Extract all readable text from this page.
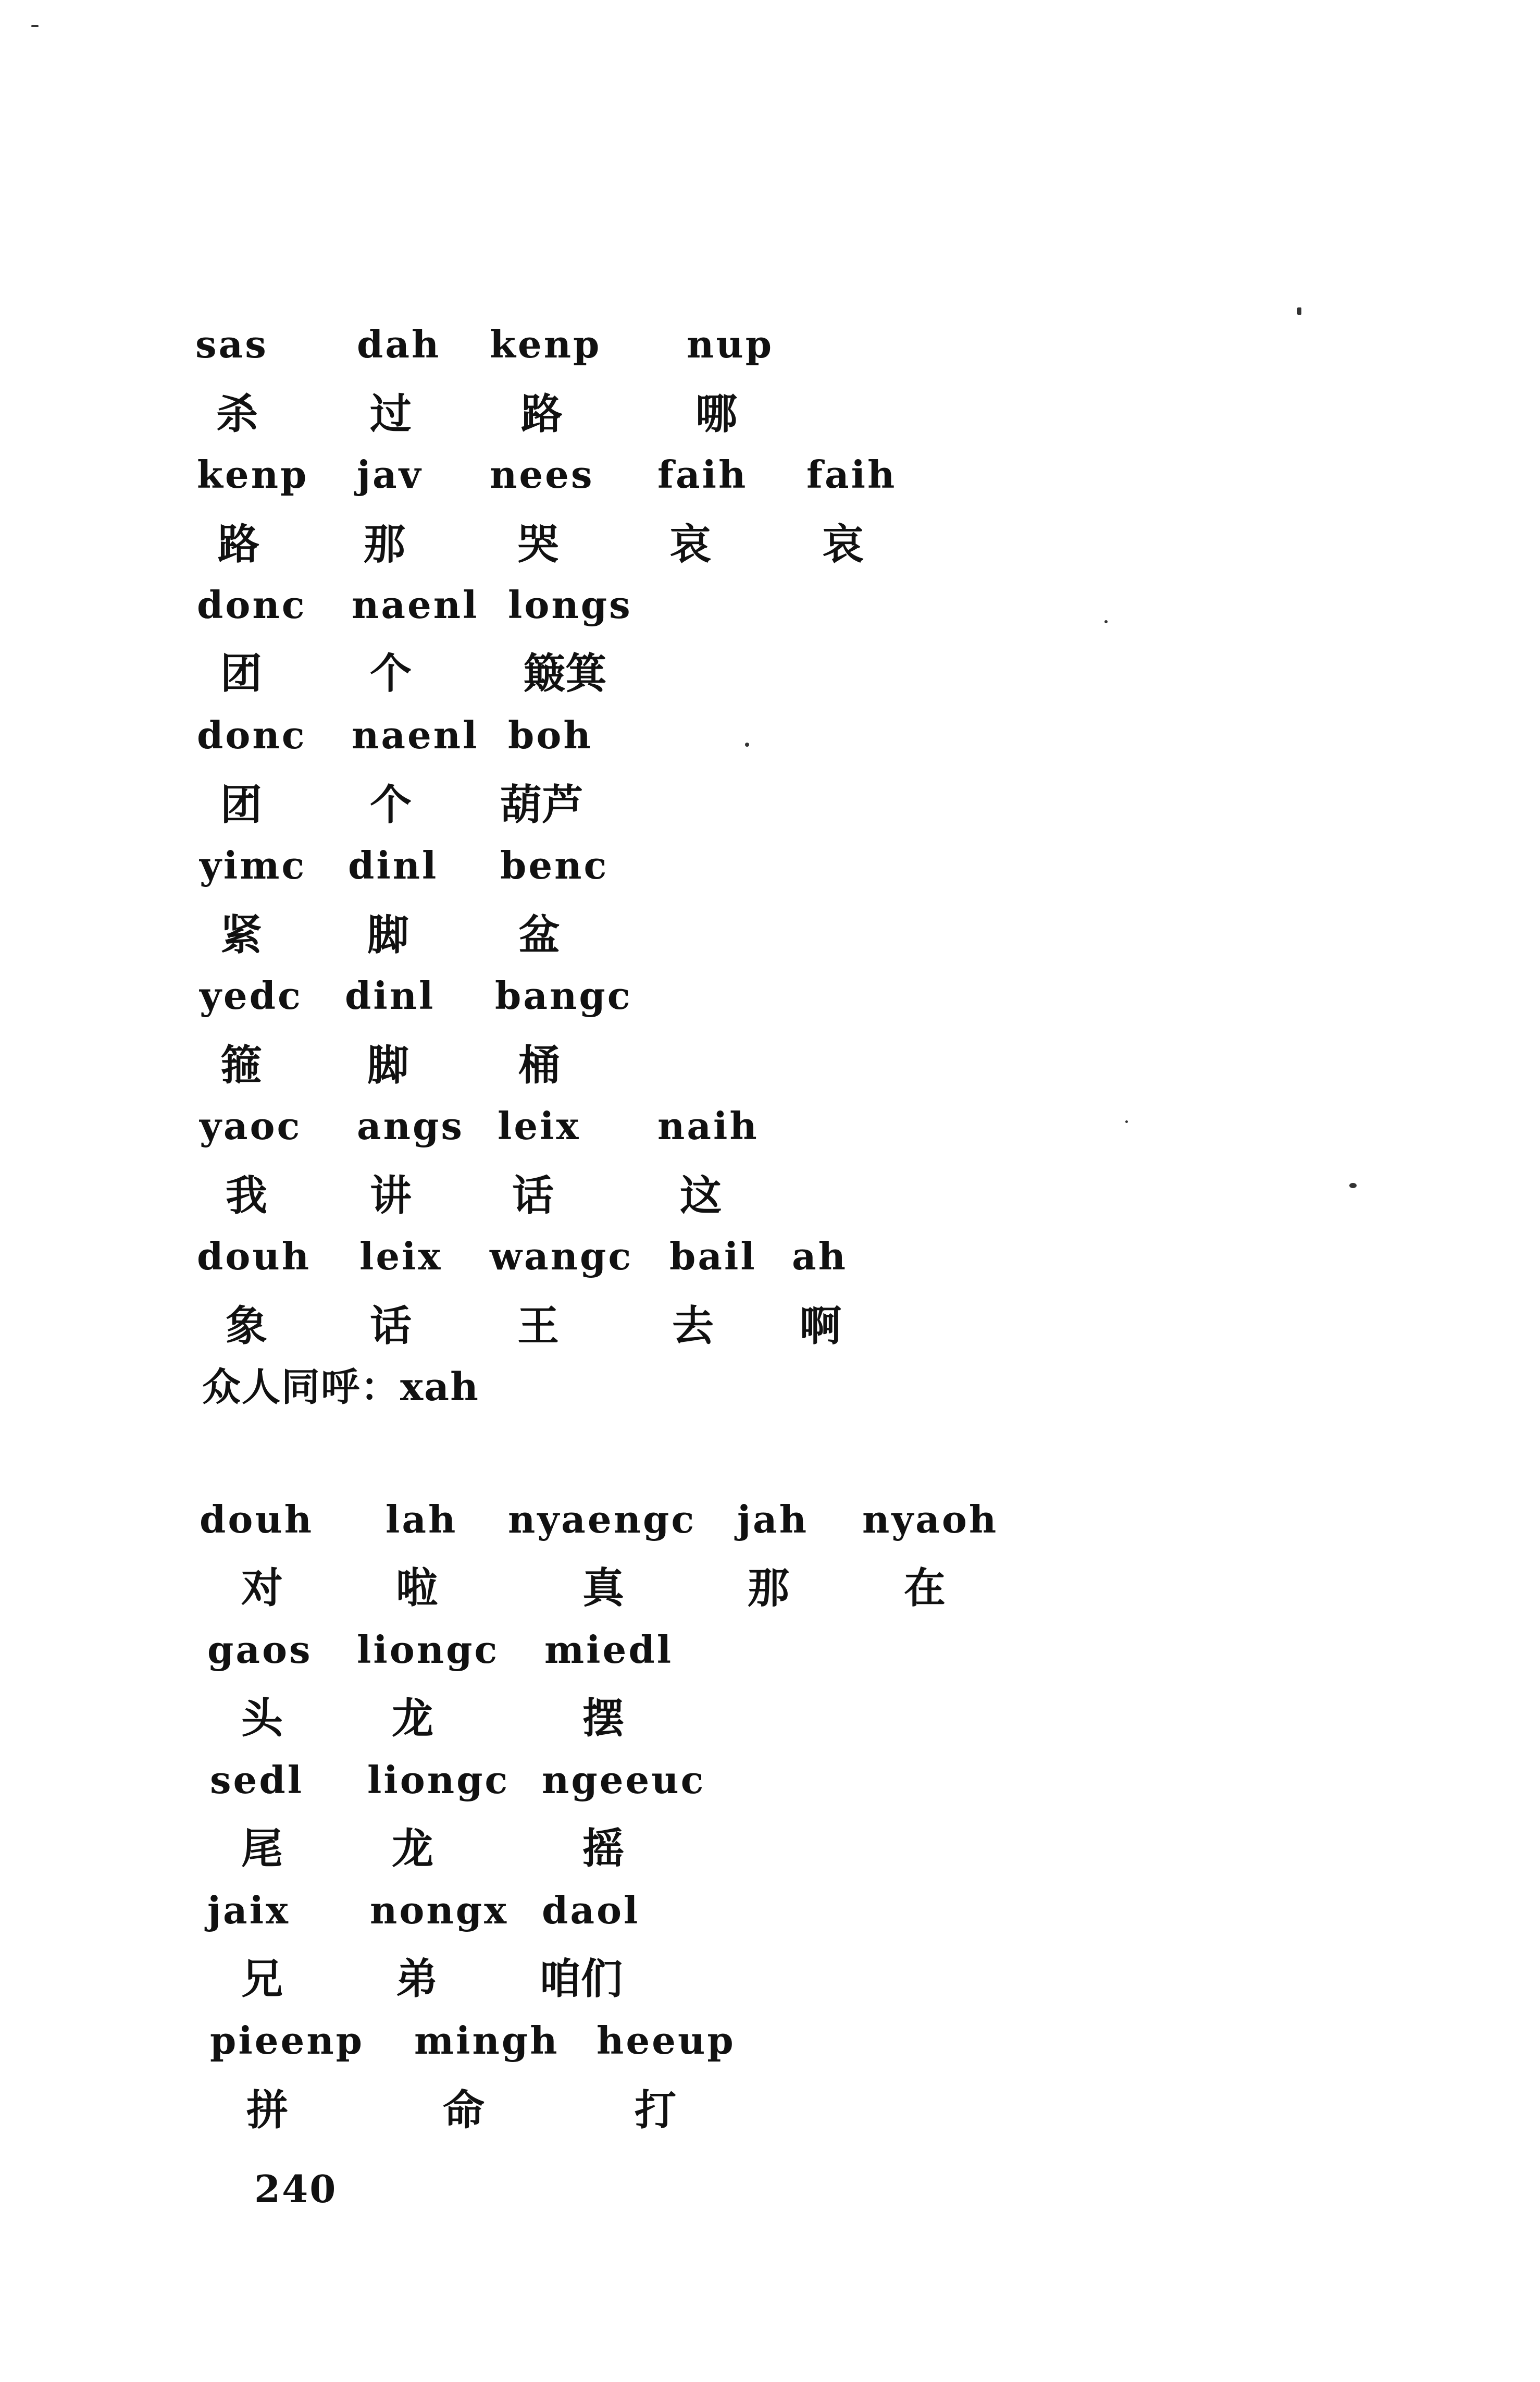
sas dah kenp nup
杀	过	路	哪
kenp jav nees faih faih
路	那	哭	哀	哀
donc naenl longs
团	个	簸箕
donc naenl boh
团	个 葫芦
yimc dinl benc
紧	脚	盆
yedc dinl bangc
箍	脚	桶
yaoc angs leix naih
我 讲 话	这
douh leix wangc bail ah
象 话	王	去 啊
众人同呼：xah
douh lah nyaengc jah nyaoh
对	啦	真	那	在
gaos liongc miedl
头	龙	摆
sedl liongc ngeeuc
尾	龙	摇
jaix nongx daol
兄	弟 咱们
pieenp mingh heeup
拼	命	打
240
